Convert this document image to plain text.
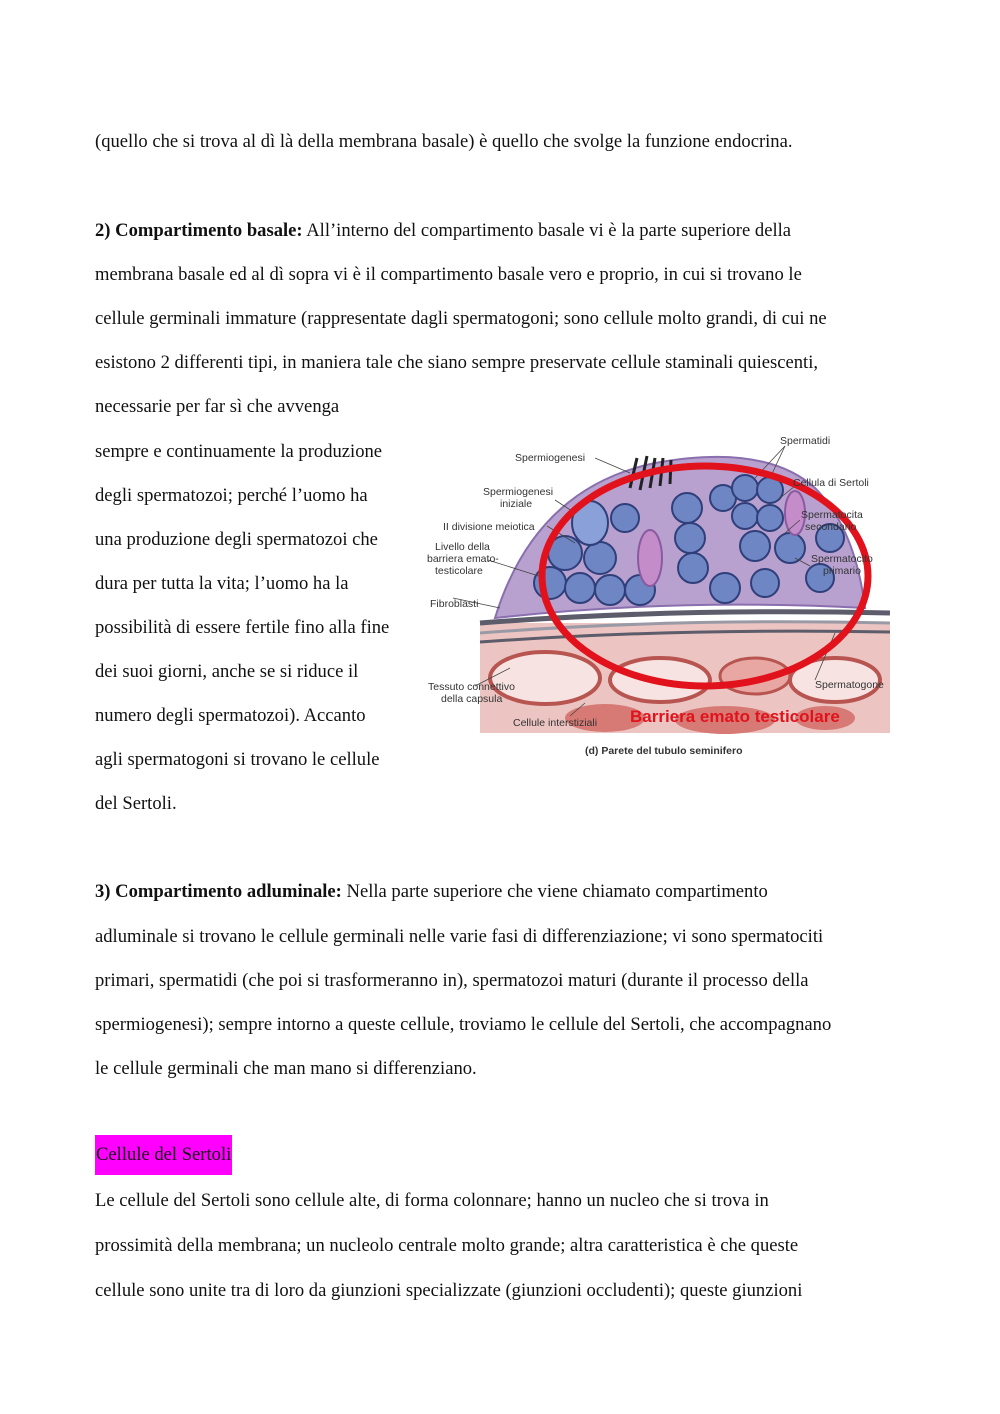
(quello che si trova al dì là della membrana basale) è quello che svolge la funzione endocrina.
2) Compartimento basale: All’interno del compartimento basale vi è la parte superiore della
membrana basale ed al dì sopra vi è il compartimento basale vero e proprio, in cui si trovano le
cellule germinali immature (rappresentate dagli spermatogoni; sono cellule molto grandi, di cui ne
esistono 2 differenti tipi, in maniera tale che siano sempre preservate cellule staminali quiescenti,
necessarie per far sì che avvenga
sempre e continuamente la produzione
degli spermatozoi; perché l’uomo ha
una produzione degli spermatozoi che
dura per tutta la vita; l’uomo ha la
possibilità di essere fertile fino alla fine
dei suoi giorni, anche se si riduce il
numero degli spermatozoi). Accanto
agli spermatogoni si trovano le cellule
del Sertoli.
Spermatidi
Spermiogenesi
Spermiogenesi
iniziale
Cellula di Sertoli
Spermatocita
secondario
II divisione meiotica
Livello della
barriera emato-
testicolare
Spermatocito
primario
Fibroblasti
Tessuto connettivo
della capsula
Spermatogone
Cellule interstiziali Barriera emato testicolare
(d) Parete del tubulo seminifero
3) Compartimento adluminale: Nella parte superiore che viene chiamato compartimento
adluminale si trovano le cellule germinali nelle varie fasi di differenziazione; vi sono spermatociti
primari, spermatidi (che poi si trasformeranno in), spermatozoi maturi (durante il processo della
spermiogenesi); sempre intorno a queste cellule, troviamo le cellule del Sertoli, che accompagnano
le cellule germinali che man mano si differenziano.
Cellule del Sertoli
Le cellule del Sertoli sono cellule alte, di forma colonnare; hanno un nucleo che si trova in
prossimità della membrana; un nucleolo centrale molto grande; altra caratteristica è che queste
cellule sono unite tra di loro da giunzioni specializzate (giunzioni occludenti); queste giunzioni
